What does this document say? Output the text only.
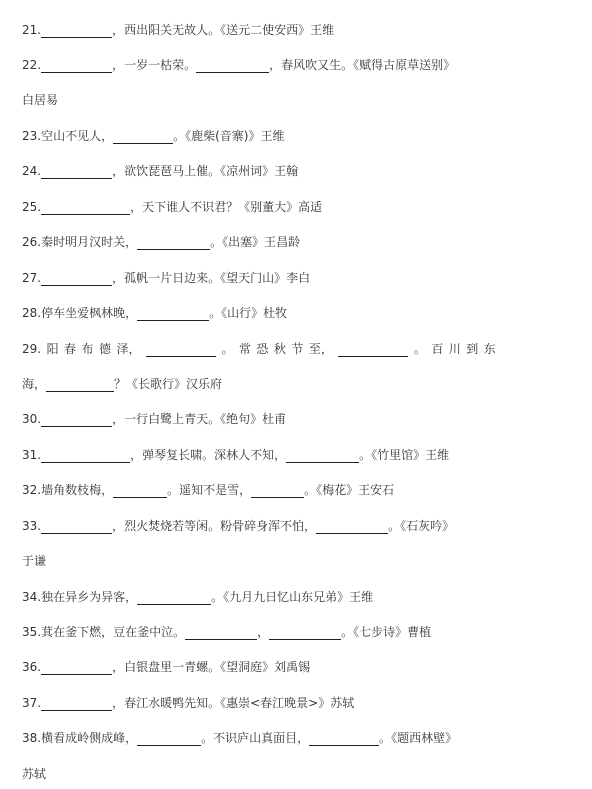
21.	，西出阳关无故人。《送元二使安西》王维
22.	，一岁一枯荣。	，春风吹又生。《赋得古原草送别》
白居易
23.空山不见人，	。《鹿柴(音寨)》王维
24.	，欲饮琵琶马上催。《凉州词》王翰
25.	，天下谁人不识君？《别董大》高适
26.秦时明月汉时关，	。《出塞》王昌龄
27.	，孤帆一片日边来。《望天门山》李白
28.停车坐爱枫林晚，	。《山行》杜牧
29. 阳 春 布 德 泽，	。 常 恐 秋 节 至，	。 百 川 到 东
海，	？《长歌行》汉乐府
30.	，一行白鹭上青天。《绝句》杜甫
31.	，弹琴复长啸。深林人不知，	。《竹里馆》王维
32.墙角数枝梅，	。遥知不是雪，	。《梅花》王安石
33.	，烈火焚烧若等闲。粉骨碎身浑不怕，	。《石灰吟》
于谦
34.独在异乡为异客，	。《九月九日忆山东兄弟》王维
35.萁在釜下燃，豆在釜中泣。	，	。《七步诗》曹植
36.	，白银盘里一青螺。《望洞庭》刘禹锡
37.	，春江水暖鸭先知。《惠崇<春江晚景>》苏轼
38.横看成岭侧成峰，	。不识庐山真面目，	。《题西林壁》
苏轼
